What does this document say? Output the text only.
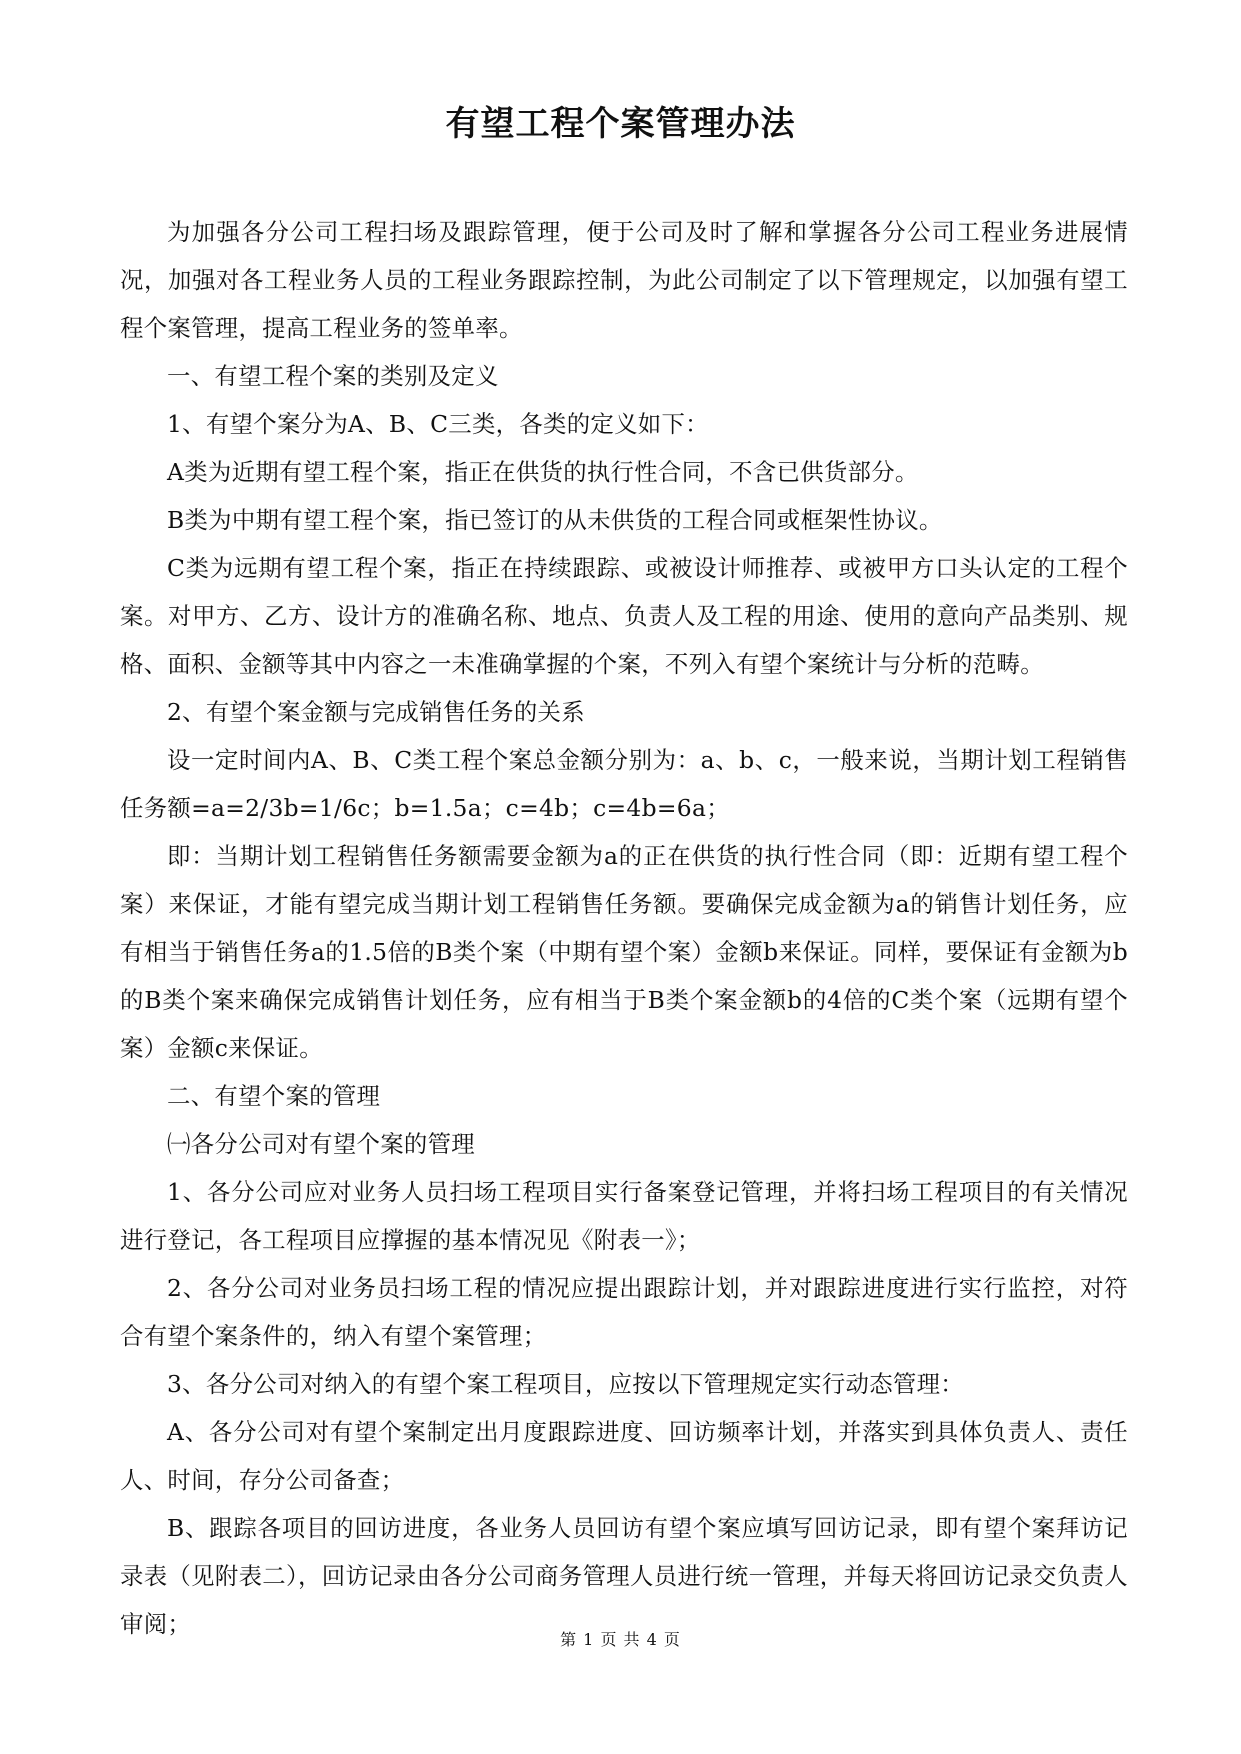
有望工程个案管理办法

为加强各分公司工程扫场及跟踪管理，便于公司及时了解和掌握各分公司工程业务进展情况，加强对各工程业务人员的工程业务跟踪控制，为此公司制定了以下管理规定，以加强有望工程个案管理，提高工程业务的签单率。

一、有望工程个案的类别及定义

1、有望个案分为A、B、C三类，各类的定义如下：

A类为近期有望工程个案，指正在供货的执行性合同，不含已供货部分。

B类为中期有望工程个案，指已签订的从未供货的工程合同或框架性协议。

C类为远期有望工程个案，指正在持续跟踪、或被设计师推荐、或被甲方口头认定的工程个案。对甲方、乙方、设计方的准确名称、地点、负责人及工程的用途、使用的意向产品类别、规格、面积、金额等其中内容之一未准确掌握的个案，不列入有望个案统计与分析的范畴。

2、有望个案金额与完成销售任务的关系

设一定时间内A、B、C类工程个案总金额分别为：a、b、c，一般来说，当期计划工程销售任务额=a=2/3b=1/6c；b=1.5a；c=4b；c=4b=6a；

即：当期计划工程销售任务额需要金额为a的正在供货的执行性合同（即：近期有望工程个案）来保证，才能有望完成当期计划工程销售任务额。要确保完成金额为a的销售计划任务，应有相当于销售任务a的1.5倍的B类个案（中期有望个案）金额b来保证。同样，要保证有金额为b的B类个案来确保完成销售计划任务，应有相当于B类个案金额b的4倍的C类个案（远期有望个案）金额c来保证。

二、有望个案的管理

㈠各分公司对有望个案的管理

1、各分公司应对业务人员扫场工程项目实行备案登记管理，并将扫场工程项目的有关情况进行登记，各工程项目应撑握的基本情况见《附表一》；

2、各分公司对业务员扫场工程的情况应提出跟踪计划，并对跟踪进度进行实行监控，对符合有望个案条件的，纳入有望个案管理；

3、各分公司对纳入的有望个案工程项目，应按以下管理规定实行动态管理：

A、各分公司对有望个案制定出月度跟踪进度、回访频率计划，并落实到具体负责人、责任人、时间，存分公司备查；

B、跟踪各项目的回访进度，各业务人员回访有望个案应填写回访记录，即有望个案拜访记录表（见附表二），回访记录由各分公司商务管理人员进行统一管理，并每天将回访记录交负责人审阅；

第 1 页 共 4 页
